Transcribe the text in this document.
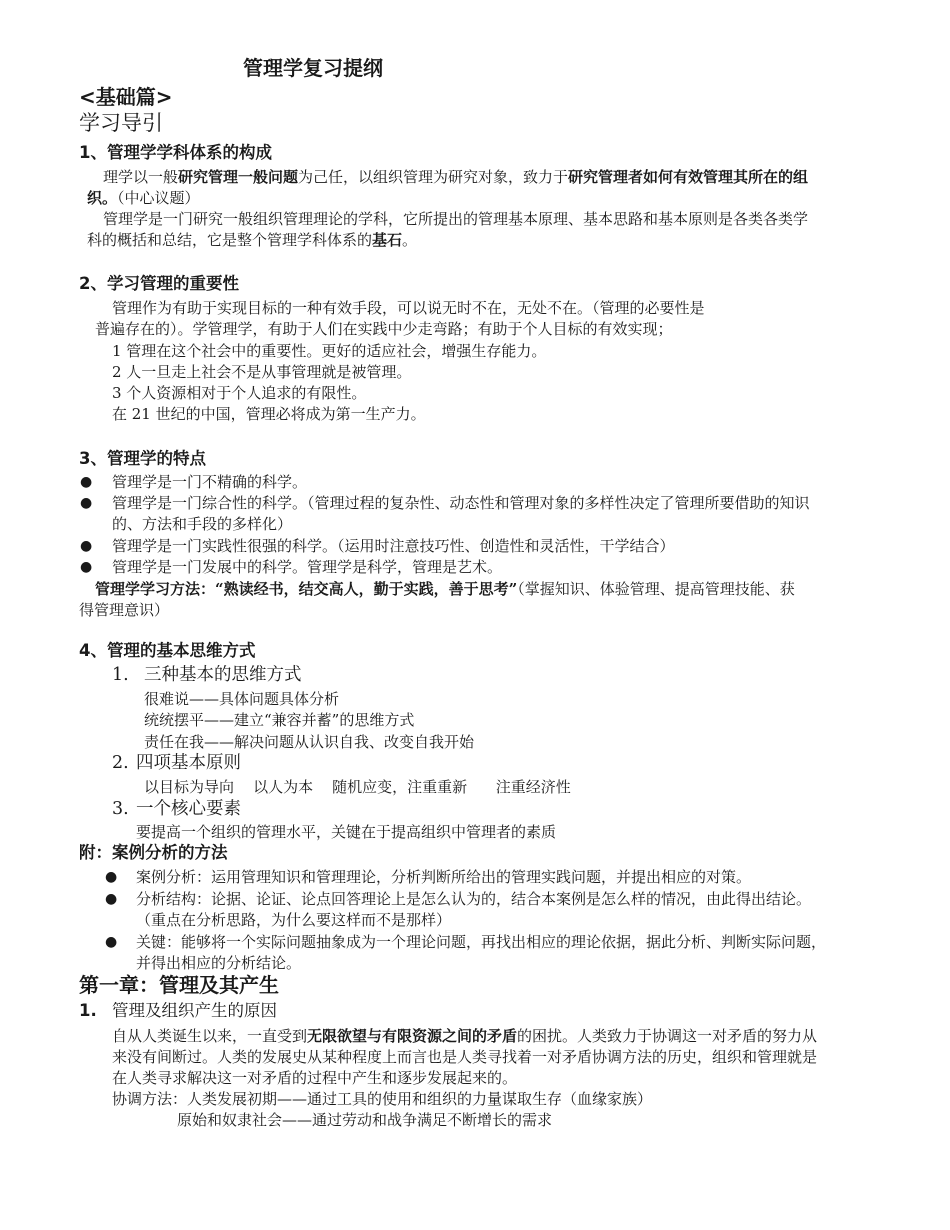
管理学复习提纲
<基础篇>
学习导引
1、管理学学科体系的构成
理学以一般研究管理一般问题为己任，以组织管理为研究对象，致力于研究管理者如何有效管理其所在的组
织。（中心议题）
管理学是一门研究一般组织管理理论的学科，它所提出的管理基本原理、基本思路和基本原则是各类各类学
科的概括和总结，它是整个管理学科体系的基石。
2、学习管理的重要性
管理作为有助于实现目标的一种有效手段，可以说无时不在，无处不在。（管理的必要性是
普遍存在的）。学管理学，有助于人们在实践中少走弯路；有助于个人目标的有效实现；
1 管理在这个社会中的重要性。更好的适应社会，增强生存能力。
2 人一旦走上社会不是从事管理就是被管理。
3 个人资源相对于个人追求的有限性。
在 21 世纪的中国，管理必将成为第一生产力。
3、管理学的特点
● 管理学是一门不精确的科学。
● 管理学是一门综合性的科学。（管理过程的复杂性、动态性和管理对象的多样性决定了管理所要借助的知识
的、方法和手段的多样化）
● 管理学是一门实践性很强的科学。（运用时注意技巧性、创造性和灵活性，干学结合）
● 管理学是一门发展中的科学。管理学是科学，管理是艺术。
管理学学习方法：“熟读经书，结交高人，勤于实践，善于思考”（掌握知识、体验管理、提高管理技能、获
得管理意识）
4、管理的基本思维方式
1. 三种基本的思维方式
很难说——具体问题具体分析
统统摆平——建立“兼容并蓄”的思维方式
责任在我——解决问题从认识自我、改变自我开始
2. 四项基本原则
以目标为导向    以人为本    随机应变，注重重新      注重经济性
3. 一个核心要素
要提高一个组织的管理水平，关键在于提高组织中管理者的素质
附：案例分析的方法
● 案例分析：运用管理知识和管理理论，分析判断所给出的管理实践问题，并提出相应的对策。
● 分析结构：论据、论证、论点回答理论上是怎么认为的，结合本案例是怎么样的情况，由此得出结论。
（重点在分析思路，为什么要这样而不是那样）
● 关键：能够将一个实际问题抽象成为一个理论问题，再找出相应的理论依据，据此分析、判断实际问题，
并得出相应的分析结论。
第一章：管理及其产生
1. 管理及组织产生的原因
自从人类诞生以来，一直受到无限欲望与有限资源之间的矛盾的困扰。人类致力于协调这一对矛盾的努力从
来没有间断过。人类的发展史从某种程度上而言也是人类寻找着一对矛盾协调方法的历史，组织和管理就是
在人类寻求解决这一对矛盾的过程中产生和逐步发展起来的。
协调方法：人类发展初期——通过工具的使用和组织的力量谋取生存（血缘家族）
原始和奴隶社会——通过劳动和战争满足不断增长的需求
